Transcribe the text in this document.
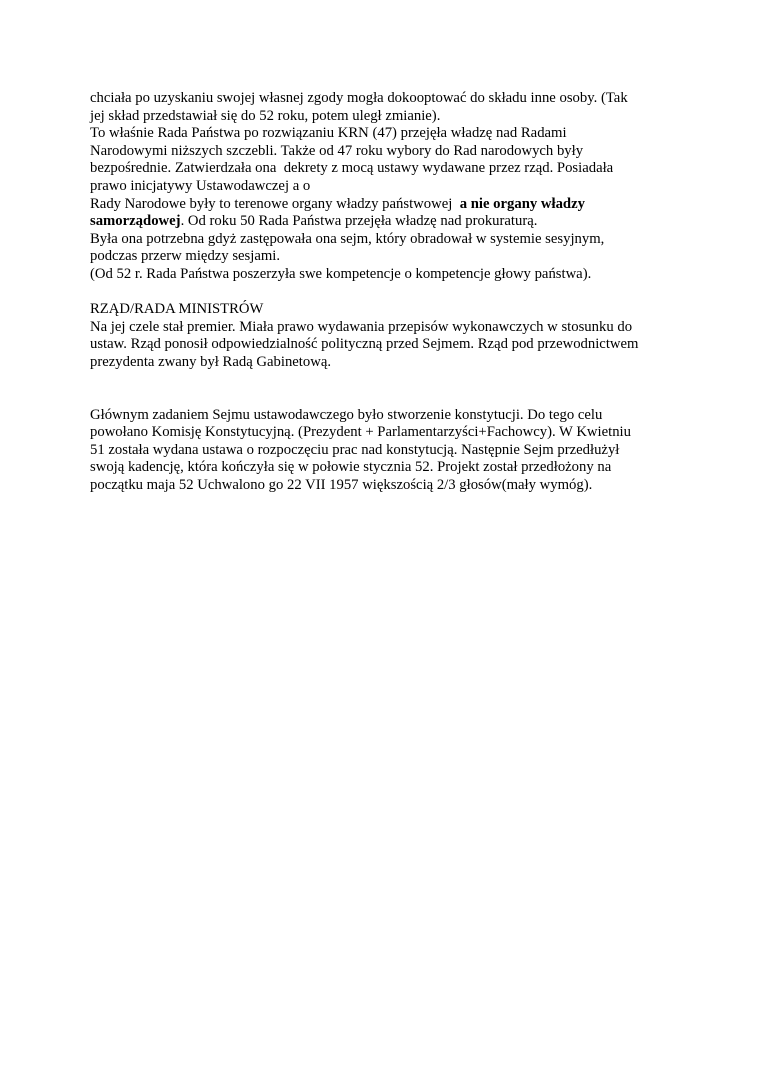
chciała po uzyskaniu swojej własnej zgody mogła dokooptować do składu inne osoby. (Tak
jej skład przedstawiał się do 52 roku, potem uległ zmianie).
To właśnie Rada Państwa po rozwiązaniu KRN (47) przejęła władzę nad Radami
Narodowymi niższych szczebli. Także od 47 roku wybory do Rad narodowych były
bezpośrednie. Zatwierdzała ona  dekrety z mocą ustawy wydawane przez rząd. Posiadała
prawo inicjatywy Ustawodawczej a o
Rady Narodowe były to terenowe organy władzy państwowej  a nie organy władzy
samorządowej. Od roku 50 Rada Państwa przejęła władzę nad prokuraturą.
Była ona potrzebna gdyż zastępowała ona sejm, który obradował w systemie sesyjnym,
podczas przerw między sesjami.
(Od 52 r. Rada Państwa poszerzyła swe kompetencje o kompetencje głowy państwa).
RZĄD/RADA MINISTRÓW
Na jej czele stał premier. Miała prawo wydawania przepisów wykonawczych w stosunku do
ustaw. Rząd ponosił odpowiedzialność polityczną przed Sejmem. Rząd pod przewodnictwem
prezydenta zwany był Radą Gabinetową.
Głównym zadaniem Sejmu ustawodawczego było stworzenie konstytucji. Do tego celu
powołano Komisję Konstytucyjną. (Prezydent + Parlamentarzyści+Fachowcy). W Kwietniu
51 została wydana ustawa o rozpoczęciu prac nad konstytucją. Następnie Sejm przedłużył
swoją kadencję, która kończyła się w połowie stycznia 52. Projekt został przedłożony na
początku maja 52 Uchwalono go 22 VII 1957 większością 2/3 głosów(mały wymóg).
